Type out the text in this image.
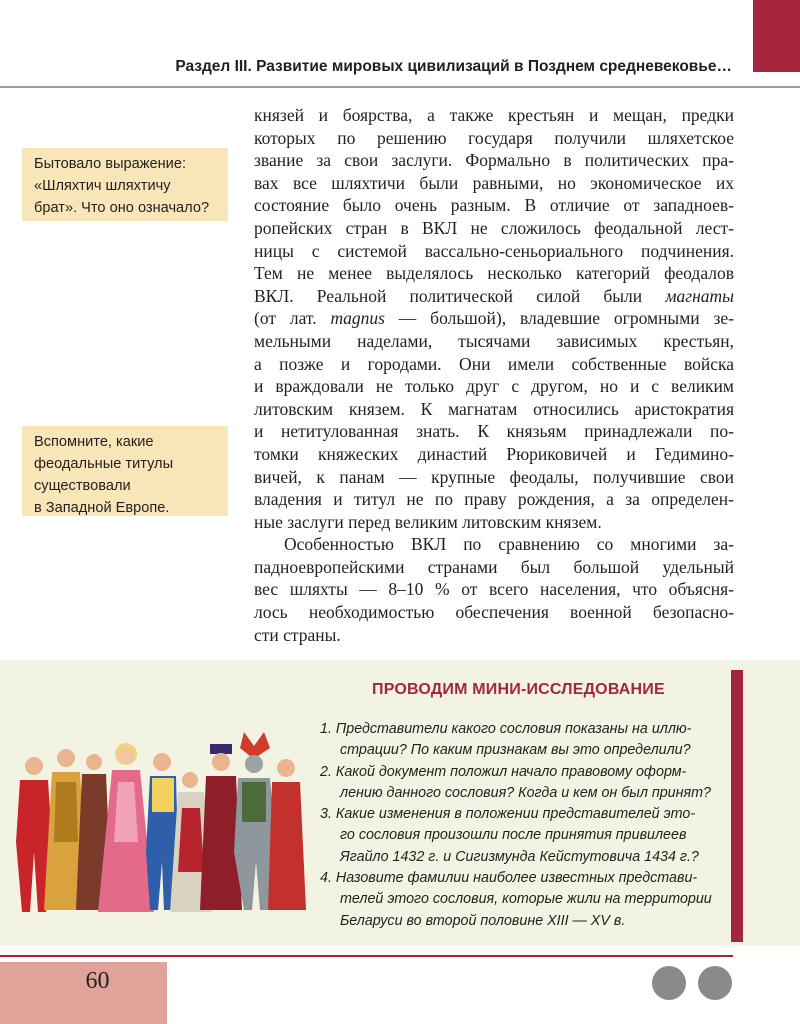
Раздел III. Развитие мировых цивилизаций в Позднем средневековье…
Бытовало выражение:
«Шляхтич шляхтичу
брат». Что оно означало?
Вспомните, какие
феодальные титулы
существовали
в Западной Европе.
князей и боярства, а также крестьян и мещан, предки
которых по решению государя получили шляхетское
звание за свои заслуги. Формально в политических пра-
вах все шляхтичи были равными, но экономическое их
состояние было очень разным. В отличие от западноев-
ропейских стран в ВКЛ не сложилось феодальной лест-
ницы с системой вассально-сеньориального подчинения.
Тем не менее выделялось несколько категорий феодалов
ВКЛ. Реальной политической силой были магнаты
(от лат. magnus — большой), владевшие огромными зе-
мельными наделами, тысячами зависимых крестьян,
а позже и городами. Они имели собственные войска
и враждовали не только друг с другом, но и с великим
литовским князем. К магнатам относились аристократия
и нетитулованная знать. К князьям принадлежали по-
томки княжеских династий Рюриковичей и Гедимино-
вичей, к панам — крупные феодалы, получившие свои
владения и титул не по праву рождения, а за определен-
ные заслуги перед великим литовским князем.
Особенностью ВКЛ по сравнению со многими за-
падноевропейскими странами был большой удельный
вес шляхты — 8–10 % от всего населения, что объясня-
лось необходимостью обеспечения военной безопасно-
сти страны.
ПРОВОДИМ МИНИ-ИССЛЕДОВАНИЕ
1. Представители какого сословия показаны на иллю-
страции? По каким признакам вы это определили?
2. Какой документ положил начало правовому оформ-
лению данного сословия? Когда и кем он был принят?
3. Какие изменения в положении представителей это-
го сословия произошли после принятия привилеев
Ягайло 1432 г. и Сигизмунда Кейстутовича 1434 г.?
4. Назовите фамилии наиболее известных представи-
телей этого сословия, которые жили на территории
Беларуси во второй половине XIII — XV в.
60
